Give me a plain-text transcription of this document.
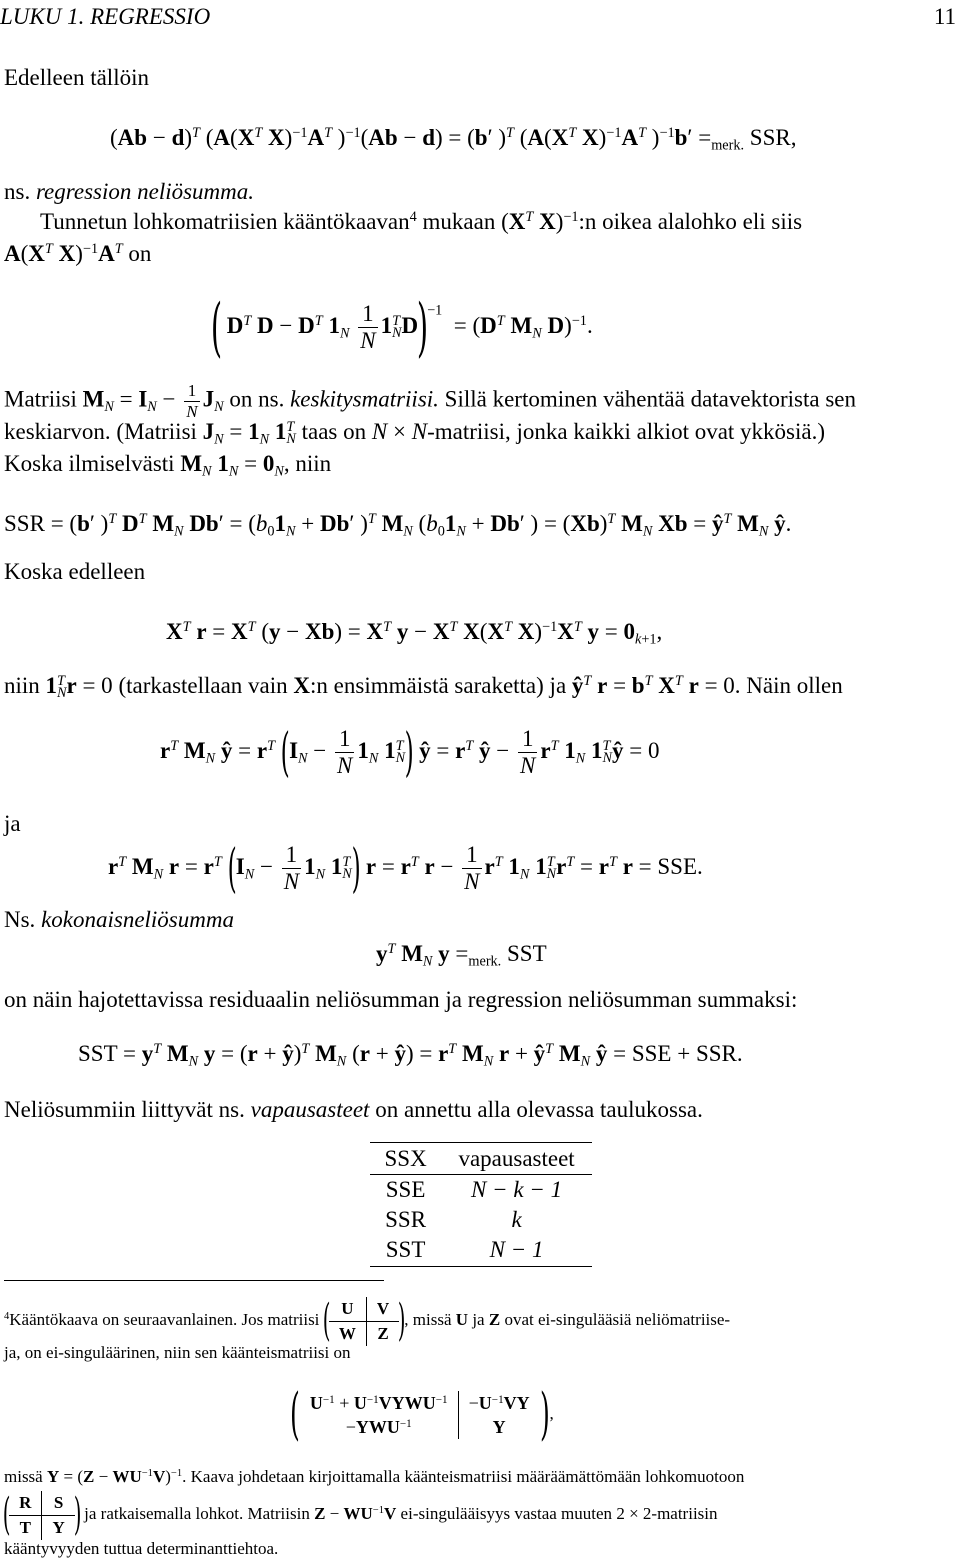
LUKU 1. REGRESSIO	11
Edelleen tällöin
$(Ab - d)^T$ ($A(X^T$ $X)^{-1}A^T$ )$^{-1}$(Ab − d) = (b′ )$^T$ ($A(X^T$ $X)^{-1}A^T$ )$^{-1}b' =_{merk.}$ SSR,
ns. regression neliösumma.
Tunnetun lohkomatriisien kääntökaavan$^4$ mukaan ($X^T$ X)$^{-1}$:n oikea alalohko eli siis
$A(X^T$ $X)^{-1}A^T$ on
( $D^T$ $D - D^T$ $1_N \frac{1}{N} 1^T_ND)^{-1} = (D^T$ $M_N$ D)$^{-1}$.
Matriisi $M_N = I_N - \frac{1}{N} J_N$ on ns. keskitysmatriisi. Sillä kertominen vähentää datavektorista sen
keskiarvon. (Matriisi $J_N = 1_N$ $1^T_N$ taas on N × N-matriisi, jonka kaikki alkiot ovat ykkösiä.)
Koska ilmiselvästi $M_N$ $1_N = 0_N$, niin
SSR = (b′ )$^T$ $D^T$ $M_N$ $Db' = (b_01_N + Db'$ )$^T$ $M_N$ ($b_01_N + Db'$ ) = $(Xb)^T$ $M_N$ $Xb = ŷ^T$ $M_N$ ŷ.
Koska edelleen
$X^T$ $r = X^T$ $(y - Xb) = X^T$ $y - X^T$ $X(X^T$ $X)^{-1}X^T$ $y = 0_{k+1}$,
niin $1^T_Nr = 0$ (tarkastellaan vain X:n ensimmäistä saraketta) ja $ŷ^T$ $r = b^T$ $X^T$ r = 0. Näin ollen
$r^T$ $M_N$ ŷ = $r^T$ ($I_N - \frac{1}{N} 1_N$ $1^T_N$) ŷ = $r^T$ ŷ − $\frac{1}{N} r^T$ $1_N$ $1^T_Nŷ = 0$
ja
$r^T$ $M_N$ $r = r^T$ ($I_N - \frac{1}{N} 1_N$ $1^T_N$) $r = r^T$ $r - \frac{1}{N} r^T$ $1_N$ $1^T_Nr^T = r^T$ r = SSE.
Ns. kokonaisneliösumma
$y^T$ $M_N$ $y =_{merk.}$ SST
on näin hajotettavissa residuaalin neliösumman ja regression neliösumman summaksi:
SST = $y^T$ $M_N$ y = (r + ŷ)$^T$ $M_N$ (r + ŷ) = $r^T$ $M_N$ $r + ŷ^T$ $M_N$ ŷ = SSE + SSR.
Neliösummiin liittyvät ns. vapausasteet on annettu alla olevassa taulukossa.
SSX	vapausasteet
SSE	N − k − 1
SSR	k
SST	N − 1
$^4$Kääntökaava on seuraavanlainen. Jos matriisi ( U	V
W	Z ), missä U ja Z ovat ei-singulääsiä neliömatriise-
ja, on ei-singuläärinen, niin sen käänteismatriisi on
( $U^{-1}$ + $U^{-1}VYWU^{-1}$	$-U^{-1}VY$
$-YWU^{-1}$	Y ),
missä $Y = (Z - WU^{-1}V)^{-1}$. Kaava johdetaan kirjoittamalla käänteismatriisi määräämättömään lohkomuotoon
( R	S
T	Y ) ja ratkaisemalla lohkot. Matriisin $Z - WU^{-1}V$ ei-singulääisyys vastaa muuten 2 × 2-matriisin
kääntyvyyden tuttua determinanttiehtoa.
